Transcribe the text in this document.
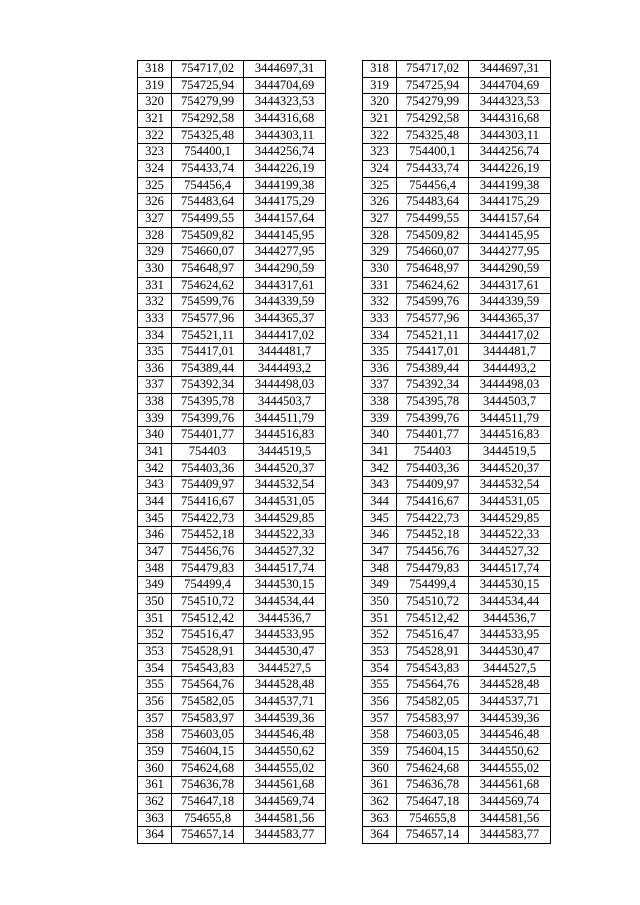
318	754717,02	3444697,31
319	754725,94	3444704,69
320	754279,99	3444323,53
321	754292,58	3444316,68
322	754325,48	3444303,11
323	754400,1	3444256,74
324	754433,74	3444226,19
325	754456,4	3444199,38
326	754483,64	3444175,29
327	754499,55	3444157,64
328	754509,82	3444145,95
329	754660,07	3444277,95
330	754648,97	3444290,59
331	754624,62	3444317,61
332	754599,76	3444339,59
333	754577,96	3444365,37
334	754521,11	3444417,02
335	754417,01	3444481,7
336	754389,44	3444493,2
337	754392,34	3444498,03
338	754395,78	3444503,7
339	754399,76	3444511,79
340	754401,77	3444516,83
341	754403	3444519,5
342	754403,36	3444520,37
343	754409,97	3444532,54
344	754416,67	3444531,05
345	754422,73	3444529,85
346	754452,18	3444522,33
347	754456,76	3444527,32
348	754479,83	3444517,74
349	754499,4	3444530,15
350	754510,72	3444534,44
351	754512,42	3444536,7
352	754516,47	3444533,95
353	754528,91	3444530,47
354	754543,83	3444527,5
355	754564,76	3444528,48
356	754582,05	3444537,71
357	754583,97	3444539,36
358	754603,05	3444546,48
359	754604,15	3444550,62
360	754624,68	3444555,02
361	754636,78	3444561,68
362	754647,18	3444569,74
363	754655,8	3444581,56
364	754657,14	3444583,77
318	754717,02	3444697,31
319	754725,94	3444704,69
320	754279,99	3444323,53
321	754292,58	3444316,68
322	754325,48	3444303,11
323	754400,1	3444256,74
324	754433,74	3444226,19
325	754456,4	3444199,38
326	754483,64	3444175,29
327	754499,55	3444157,64
328	754509,82	3444145,95
329	754660,07	3444277,95
330	754648,97	3444290,59
331	754624,62	3444317,61
332	754599,76	3444339,59
333	754577,96	3444365,37
334	754521,11	3444417,02
335	754417,01	3444481,7
336	754389,44	3444493,2
337	754392,34	3444498,03
338	754395,78	3444503,7
339	754399,76	3444511,79
340	754401,77	3444516,83
341	754403	3444519,5
342	754403,36	3444520,37
343	754409,97	3444532,54
344	754416,67	3444531,05
345	754422,73	3444529,85
346	754452,18	3444522,33
347	754456,76	3444527,32
348	754479,83	3444517,74
349	754499,4	3444530,15
350	754510,72	3444534,44
351	754512,42	3444536,7
352	754516,47	3444533,95
353	754528,91	3444530,47
354	754543,83	3444527,5
355	754564,76	3444528,48
356	754582,05	3444537,71
357	754583,97	3444539,36
358	754603,05	3444546,48
359	754604,15	3444550,62
360	754624,68	3444555,02
361	754636,78	3444561,68
362	754647,18	3444569,74
363	754655,8	3444581,56
364	754657,14	3444583,77
